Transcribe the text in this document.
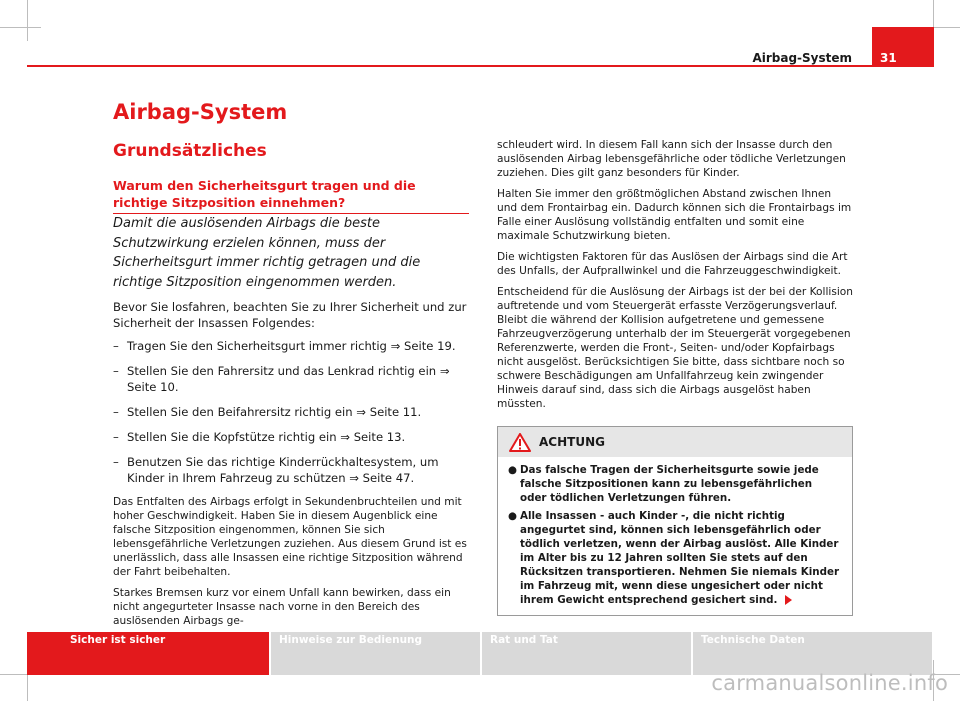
Airbag-System	31
Airbag-System
Grundsätzliches
Warum den Sicherheitsgurt tragen und die richtige Sitzposition einnehmen?

Damit die auslösenden Airbags die beste Schutzwirkung erzielen können, muss der Sicherheitsgurt immer richtig getragen und die richtige Sitzposition eingenommen werden.

Bevor Sie losfahren, beachten Sie zu Ihrer Sicherheit und zur Sicherheit der Insassen Folgendes:

– Tragen Sie den Sicherheitsgurt immer richtig ⇒ Seite 19.
– Stellen Sie den Fahrersitz und das Lenkrad richtig ein ⇒ Seite 10.
– Stellen Sie den Beifahrersitz richtig ein ⇒ Seite 11.
– Stellen Sie die Kopfstütze richtig ein ⇒ Seite 13.
– Benutzen Sie das richtige Kinderrückhaltesystem, um Kinder in Ihrem Fahrzeug zu schützen ⇒ Seite 47.

Das Entfalten des Airbags erfolgt in Sekundenbruchteilen und mit hoher Geschwindigkeit. Haben Sie in diesem Augenblick eine falsche Sitzposition eingenommen, können Sie sich lebensgefährliche Verletzungen zuziehen. Aus diesem Grund ist es unerlässlich, dass alle Insassen eine richtige Sitzposition während der Fahrt beibehalten.

Starkes Bremsen kurz vor einem Unfall kann bewirken, dass ein nicht angegurteter Insasse nach vorne in den Bereich des auslösenden Airbags ge-

schleudert wird. In diesem Fall kann sich der Insasse durch den auslösenden Airbag lebensgefährliche oder tödliche Verletzungen zuziehen. Dies gilt ganz besonders für Kinder.

Halten Sie immer den größtmöglichen Abstand zwischen Ihnen und dem Frontairbag ein. Dadurch können sich die Frontairbags im Falle einer Auslösung vollständig entfalten und somit eine maximale Schutzwirkung bieten.

Die wichtigsten Faktoren für das Auslösen der Airbags sind die Art des Unfalls, der Aufprallwinkel und die Fahrzeuggeschwindigkeit.

Entscheidend für die Auslösung der Airbags ist der bei der Kollision auftretende und vom Steuergerät erfasste Verzögerungsverlauf. Bleibt die während der Kollision aufgetretene und gemessene Fahrzeugverzögerung unterhalb der im Steuergerät vorgegebenen Referenzwerte, werden die Front-, Seiten- und/oder Kopfairbags nicht ausgelöst. Berücksichtigen Sie bitte, dass sichtbare noch so schwere Beschädigungen am Unfallfahrzeug kein zwingender Hinweis darauf sind, dass sich die Airbags ausgelöst haben müssten.

ACHTUNG
● Das falsche Tragen der Sicherheitsgurte sowie jede falsche Sitzpositionen kann zu lebensgefährlichen oder tödlichen Verletzungen führen.
● Alle Insassen - auch Kinder -, die nicht richtig angegurtet sind, können sich lebensgefährlich oder tödlich verletzen, wenn der Airbag auslöst. Alle Kinder im Alter bis zu 12 Jahren sollten Sie stets auf den Rücksitzen transportieren. Nehmen Sie niemals Kinder im Fahrzeug mit, wenn diese ungesichert oder nicht ihrem Gewicht entsprechend gesichert sind.
Sicher ist sicher	Hinweise zur Bedienung	Rat und Tat	Technische Daten
carmanualsonline.info
